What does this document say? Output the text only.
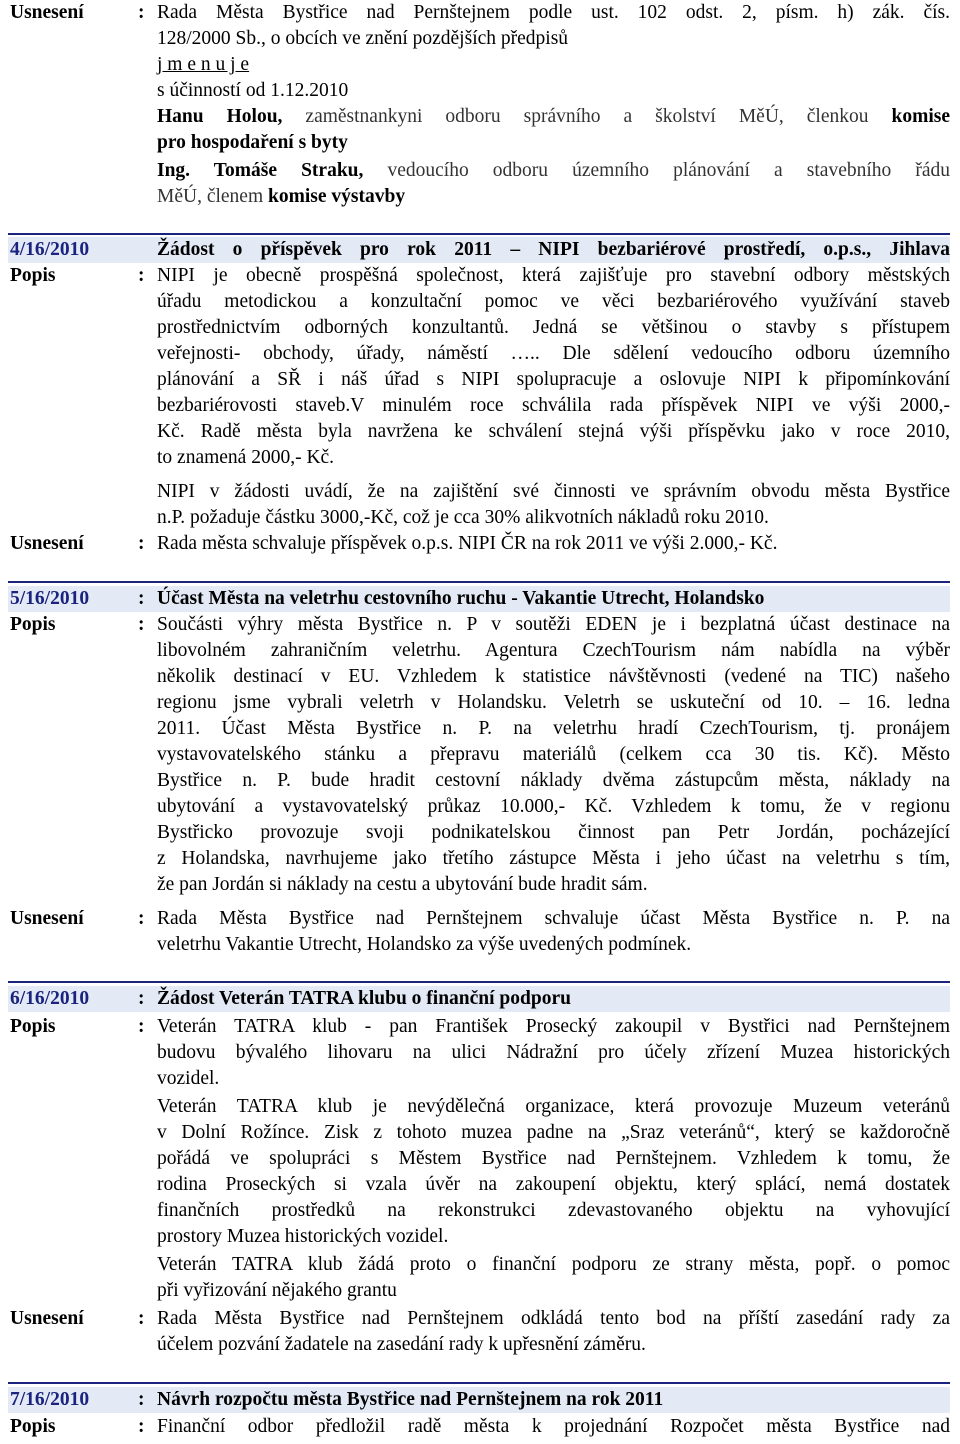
Usnesení	: Rada Města Bystřice nad Pernštejnem podle ust. 102 odst. 2, písm. h) zák. čís.
128/2000 Sb., o obcích ve znění pozdějších předpisů
j m e n u j e
s účinností od 1.12.2010
Hanu Holou, zaměstnankyni odboru správního a školství MěÚ, členkou komise
pro hospodaření s byty
Ing. Tomáše Straku, vedoucího odboru územního plánování a stavebního řádu
MěÚ, členem komise výstavby
4/16/2010	Žádost o příspěvek pro rok 2011 – NIPI bezbariérové prostředí, o.p.s., Jihlava
Popis	: NIPI je obecně prospěšná společnost, která zajišťuje pro stavební odbory městských
úřadu metodickou a konzultační pomoc ve věci bezbariérového využívání staveb
prostřednictvím odborných konzultantů. Jedná se většinou o stavby s přístupem
veřejnosti- obchody, úřady, náměstí ….. Dle sdělení vedoucího odboru územního
plánování a SŘ i náš úřad s NIPI spolupracuje a oslovuje NIPI k připomínkování
bezbariérovosti staveb.V minulém roce schválila rada příspěvek NIPI ve výši 2000,-
Kč. Radě města byla navržena ke schválení stejná výši příspěvku jako v roce 2010,
to znamená 2000,- Kč.
NIPI v žádosti uvádí, že na zajištění své činnosti ve správním obvodu města Bystřice
n.P. požaduje částku 3000,-Kč, což je cca 30% alikvotních nákladů roku 2010.
Usnesení	: Rada města schvaluje příspěvek o.p.s. NIPI ČR na rok 2011 ve výši 2.000,- Kč.
5/16/2010	: Účast Města na veletrhu cestovního ruchu - Vakantie Utrecht, Holandsko
Popis	: Součásti výhry města Bystřice n. P v soutěži EDEN je i bezplatná účast destinace na
libovolném zahraničním veletrhu. Agentura CzechTourism nám nabídla na výběr
několik destinací v EU. Vzhledem k statistice návštěvnosti (vedené na TIC) našeho
regionu jsme vybrali veletrh v Holandsku. Veletrh se uskuteční od 10. – 16. ledna
2011. Účast Města Bystřice n. P. na veletrhu hradí CzechTourism, tj. pronájem
vystavovatelského stánku a přepravu materiálů (celkem cca 30 tis. Kč). Město
Bystřice n. P. bude hradit cestovní náklady dvěma zástupcům města, náklady na
ubytování a vystavovatelský průkaz 10.000,- Kč. Vzhledem k tomu, že v regionu
Bystřicko provozuje svoji podnikatelskou činnost pan Petr Jordán, pocházející
z Holandska, navrhujeme jako třetího zástupce Města i jeho účast na veletrhu s tím,
že pan Jordán si náklady na cestu a ubytování bude hradit sám.
Usnesení	: Rada Města Bystřice nad Pernštejnem schvaluje účast Města Bystřice n. P. na
veletrhu Vakantie Utrecht, Holandsko za výše uvedených podmínek.
6/16/2010	: Žádost Veterán TATRA klubu o finanční podporu
Popis	: Veterán TATRA klub - pan František Prosecký zakoupil v Bystřici nad Pernštejnem
budovu bývalého lihovaru na ulici Nádražní pro účely zřízení Muzea historických
vozidel.
Veterán TATRA klub je nevýdělečná organizace, která provozuje Muzeum veteránů
v Dolní Rožínce. Zisk z tohoto muzea padne na „Sraz veteránů“, který se každoročně
pořádá ve spolupráci s Městem Bystřice nad Pernštejnem. Vzhledem k tomu, že
rodina Proseckých si vzala úvěr na zakoupení objektu, který splácí, nemá dostatek
finančních prostředků na rekonstrukci zdevastovaného objektu na vyhovující
prostory Muzea historických vozidel.
Veterán TATRA klub žádá proto o finanční podporu ze strany města, popř. o pomoc
při vyřizování nějakého grantu
Usnesení	: Rada Města Bystřice nad Pernštejnem odkládá tento bod na příští zasedání rady za
účelem pozvání žadatele na zasedání rady k upřesnění záměru.
7/16/2010	: Návrh rozpočtu města Bystřice nad Pernštejnem na rok 2011
Popis	: Finanční odbor předložil radě města k projednání Rozpočet města Bystřice nad
